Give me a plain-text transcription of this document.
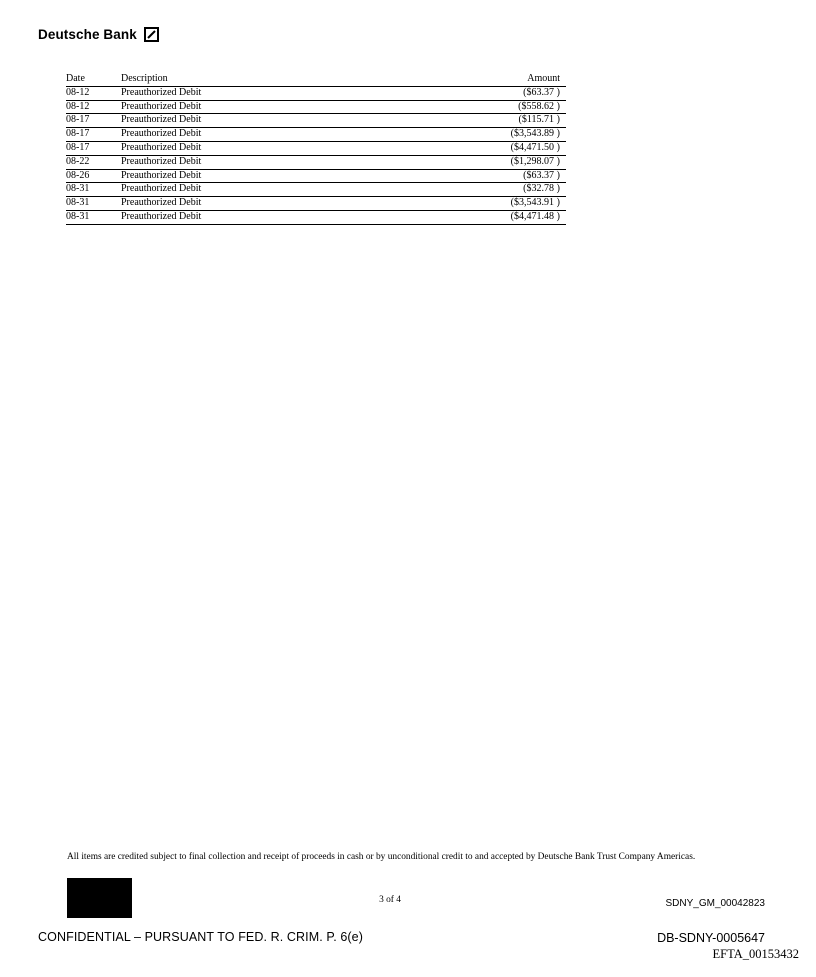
Deutsche Bank
Date	Description	Amount
08-12	Preauthorized Debit	($63.37 )
08-12	Preauthorized Debit	($558.62 )
08-17	Preauthorized Debit	($115.71 )
08-17	Preauthorized Debit	($3,543.89 )
08-17	Preauthorized Debit	($4,471.50 )
08-22	Preauthorized Debit	($1,298.07 )
08-26	Preauthorized Debit	($63.37 )
08-31	Preauthorized Debit	($32.78 )
08-31	Preauthorized Debit	($3,543.91 )
08-31	Preauthorized Debit	($4,471.48 )
All items are credited subject to final collection and receipt of proceeds in cash or by unconditional credit to and accepted by Deutsche Bank Trust Company Americas.
3 of 4	SDNY_GM_00042823
CONFIDENTIAL – PURSUANT TO FED. R. CRIM. P. 6(e)	DB-SDNY-0005647
EFTA_00153432
